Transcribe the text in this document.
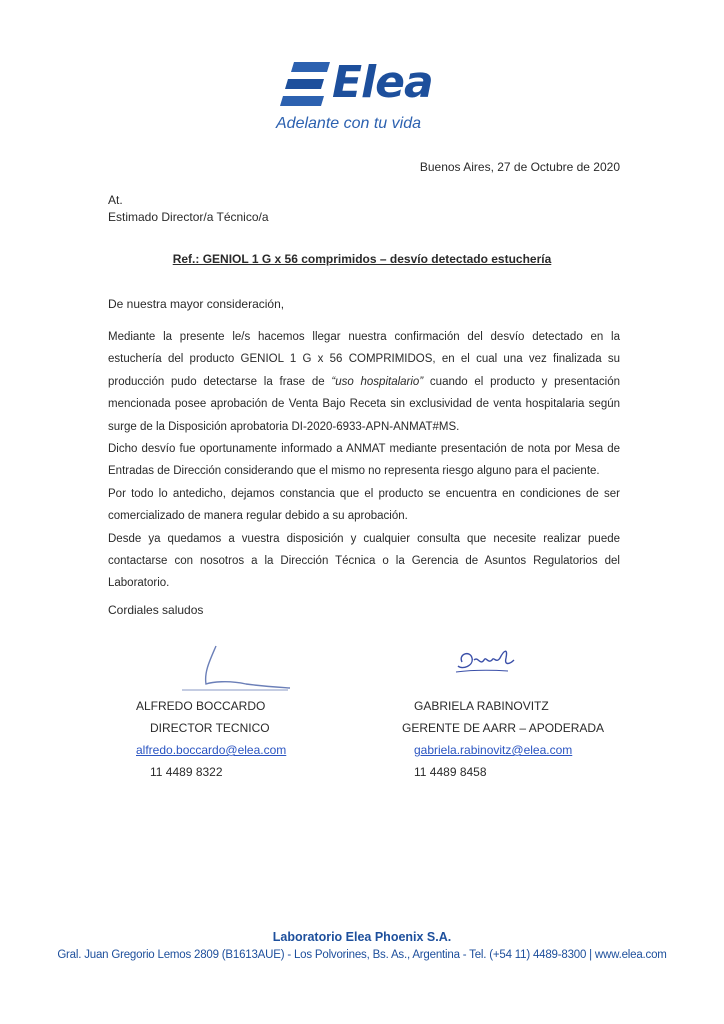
Elea
Adelante con tu vida
Buenos Aires, 27 de Octubre de 2020
At.
Estimado Director/a Técnico/a
Ref.: GENIOL 1 G x 56 comprimidos – desvío detectado estuchería
De nuestra mayor consideración,

Mediante la presente le/s hacemos llegar nuestra confirmación del desvío detectado en la estuchería del producto GENIOL 1 G x 56 COMPRIMIDOS, en el cual una vez finalizada su producción pudo detectarse la frase de “uso hospitalario” cuando el producto y presentación mencionada posee aprobación de Venta Bajo Receta sin exclusividad de venta hospitalaria según surge de la Disposición aprobatoria DI-2020-6933-APN-ANMAT#MS.

Dicho desvío fue oportunamente informado a ANMAT mediante presentación de nota por Mesa de Entradas de Dirección considerando que el mismo no representa riesgo alguno para el paciente.

Por todo lo antedicho, dejamos constancia que el producto se encuentra en condiciones de ser comercializado de manera regular debido a su aprobación.

Desde ya quedamos a vuestra disposición y cualquier consulta que necesite realizar puede contactarse con nosotros a la Dirección Técnica o la Gerencia de Asuntos Regulatorios del Laboratorio.

Cordiales saludos
ALFREDO BOCCARDO
DIRECTOR TECNICO
alfredo.boccardo@elea.com
11 4489 8322
GABRIELA RABINOVITZ
GERENTE DE AARR – APODERADA
gabriela.rabinovitz@elea.com
11 4489 8458
Laboratorio Elea Phoenix S.A.
Gral. Juan Gregorio Lemos 2809 (B1613AUE) - Los Polvorines, Bs. As., Argentina - Tel. (+54 11) 4489-8300 | www.elea.com
